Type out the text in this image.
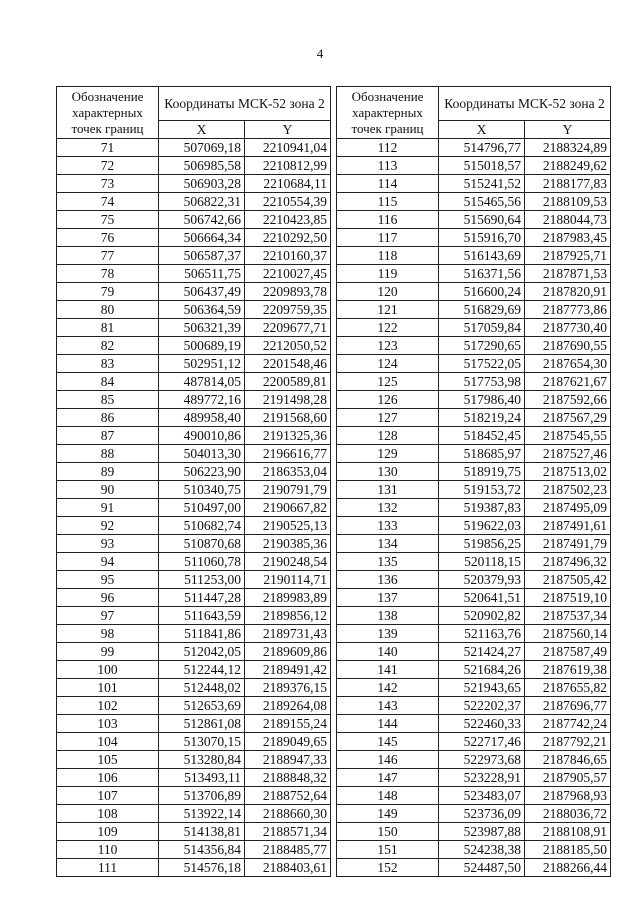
4
Обозначение характерных точек границ	Координаты МСК-52 зона 2	
	X	Y
71	507069,18	2210941,04
72	506985,58	2210812,99
73	506903,28	2210684,11
74	506822,31	2210554,39
75	506742,66	2210423,85
76	506664,34	2210292,50
77	506587,37	2210160,37
78	506511,75	2210027,45
79	506437,49	2209893,78
80	506364,59	2209759,35
81	506321,39	2209677,71
82	500689,19	2212050,52
83	502951,12	2201548,46
84	487814,05	2200589,81
85	489772,16	2191498,28
86	489958,40	2191568,60
87	490010,86	2191325,36
88	504013,30	2196616,77
89	506223,90	2186353,04
90	510340,75	2190791,79
91	510497,00	2190667,82
92	510682,74	2190525,13
93	510870,68	2190385,36
94	511060,78	2190248,54
95	511253,00	2190114,71
96	511447,28	2189983,89
97	511643,59	2189856,12
98	511841,86	2189731,43
99	512042,05	2189609,86
100	512244,12	2189491,42
101	512448,02	2189376,15
102	512653,69	2189264,08
103	512861,08	2189155,24
104	513070,15	2189049,65
105	513280,84	2188947,33
106	513493,11	2188848,32
107	513706,89	2188752,64
108	513922,14	2188660,30
109	514138,81	2188571,34
110	514356,84	2188485,77
111	514576,18	2188403,61
Обозначение характерных точек границ	Координаты МСК-52 зона 2	
	X	Y
112	514796,77	2188324,89
113	515018,57	2188249,62
114	515241,52	2188177,83
115	515465,56	2188109,53
116	515690,64	2188044,73
117	515916,70	2187983,45
118	516143,69	2187925,71
119	516371,56	2187871,53
120	516600,24	2187820,91
121	516829,69	2187773,86
122	517059,84	2187730,40
123	517290,65	2187690,55
124	517522,05	2187654,30
125	517753,98	2187621,67
126	517986,40	2187592,66
127	518219,24	2187567,29
128	518452,45	2187545,55
129	518685,97	2187527,46
130	518919,75	2187513,02
131	519153,72	2187502,23
132	519387,83	2187495,09
133	519622,03	2187491,61
134	519856,25	2187491,79
135	520118,15	2187496,32
136	520379,93	2187505,42
137	520641,51	2187519,10
138	520902,82	2187537,34
139	521163,76	2187560,14
140	521424,27	2187587,49
141	521684,26	2187619,38
142	521943,65	2187655,82
143	522202,37	2187696,77
144	522460,33	2187742,24
145	522717,46	2187792,21
146	522973,68	2187846,65
147	523228,91	2187905,57
148	523483,07	2187968,93
149	523736,09	2188036,72
150	523987,88	2188108,91
151	524238,38	2188185,50
152	524487,50	2188266,44
